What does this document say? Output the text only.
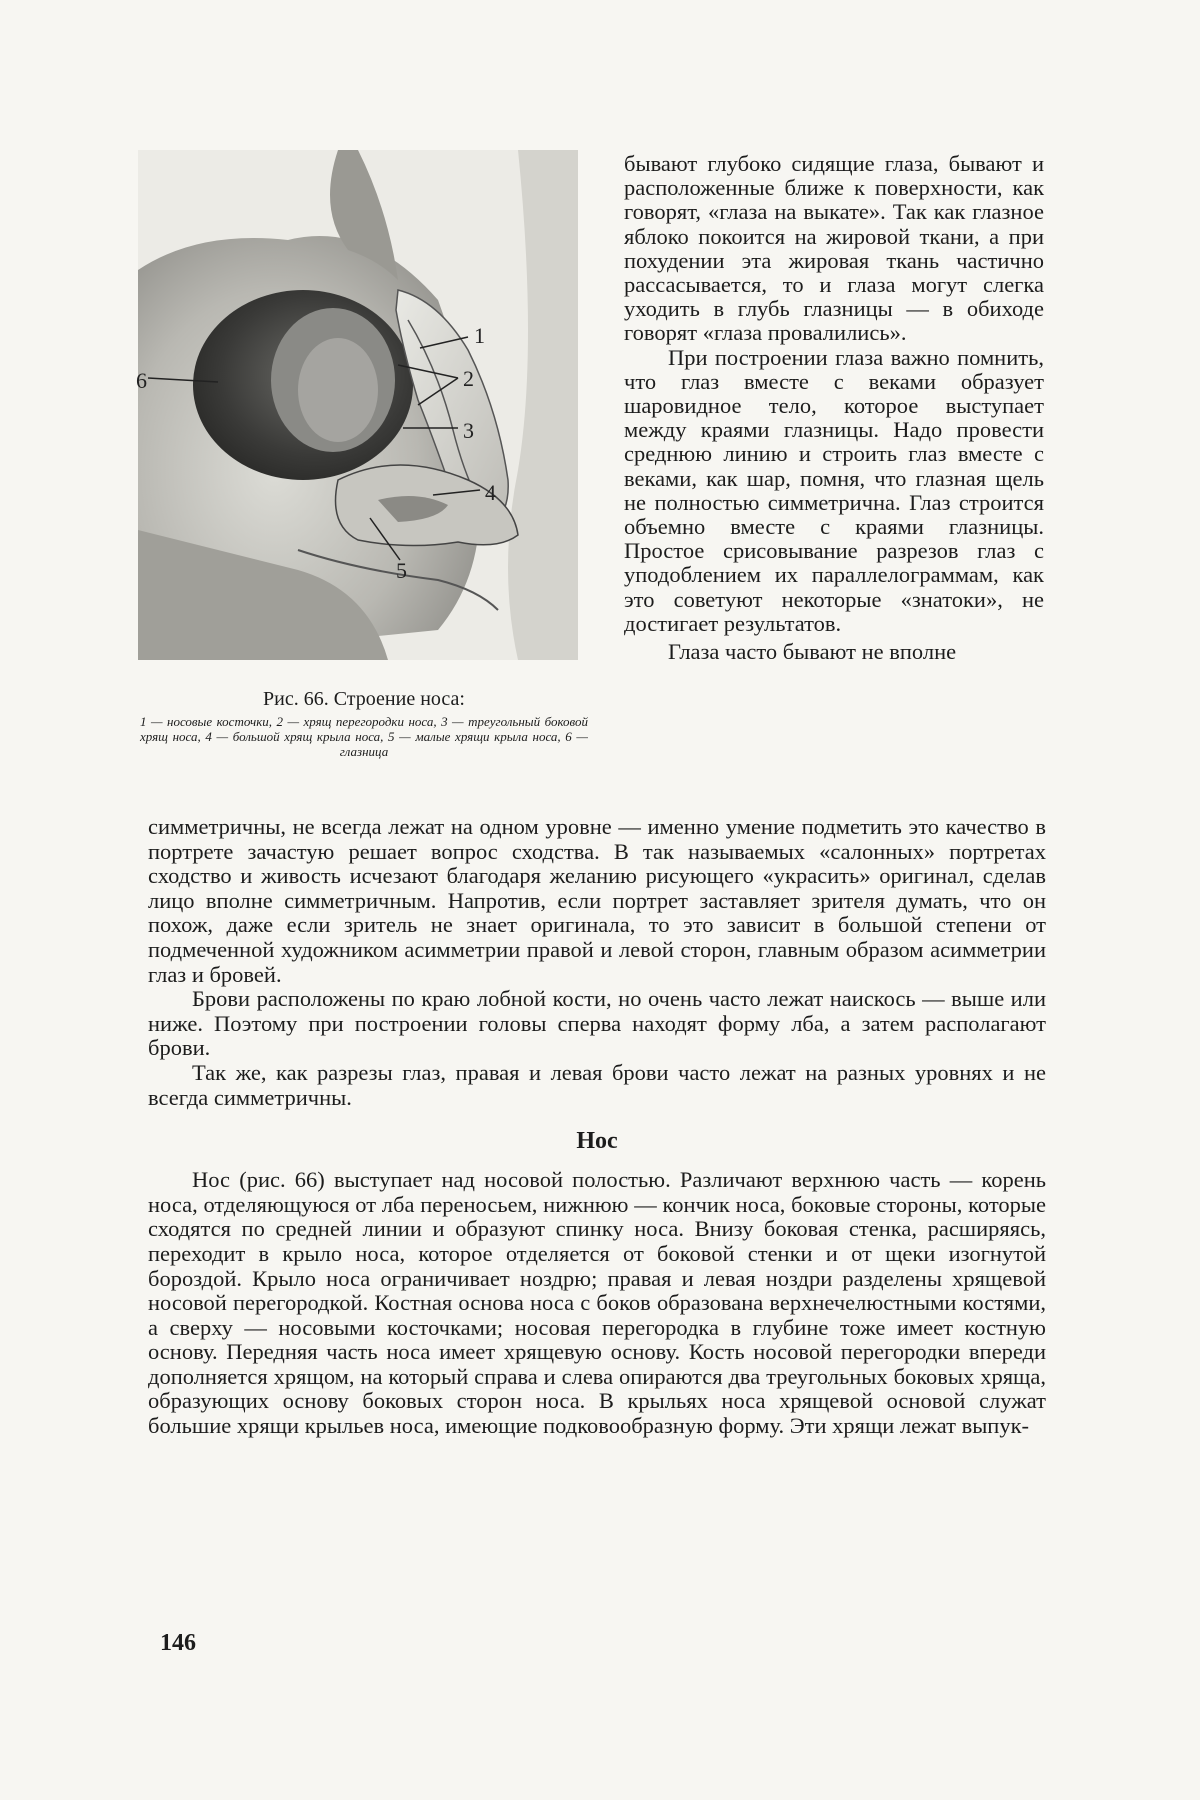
1
2
3
4
5
6

Рис. 66. Строение носа:

1 — носовые косточки, 2 — хрящ перегородки носа, 3 — треугольный боковой хрящ носа, 4 — большой хрящ крыла носа, 5 — малые хрящи крыла носа, 6 — глазница

бывают глубоко сидящие глаза, бывают и расположенные ближе к поверхности, как говорят, «глаза на выкате». Так как глазное яблоко покоится на жировой ткани, а при похудении эта жировая ткань частично рассасывается, то и глаза могут слегка уходить в глубь глазницы — в обиходе говорят «глаза провалились».

При построении глаза важно помнить, что глаз вместе с веками образует шаровидное тело, которое выступает между краями глазницы. Надо провести среднюю линию и строить глаз вместе с веками, как шар, помня, что глазная щель не полностью симметрична. Глаз строится объемно вместе с краями глазницы. Простое срисовывание разрезов глаз с уподоблением их параллелограммам, как это советуют некоторые «знатоки», не достигает результатов.

Глаза часто бывают не вполне

симметричны, не всегда лежат на одном уровне — именно умение подметить это качество в портрете зачастую решает вопрос сходства. В так называемых «салонных» портретах сходство и живость исчезают благодаря желанию рисующего «украсить» оригинал, сделав лицо вполне симметричным. Напротив, если портрет заставляет зрителя думать, что он похож, даже если зритель не знает оригинала, то это зависит в большой степени от подмеченной художником асимметрии правой и левой сторон, главным образом асимметрии глаз и бровей.

Брови расположены по краю лобной кости, но очень часто лежат наискось — выше или ниже. Поэтому при построении головы сперва находят форму лба, а затем располагают брови.

Так же, как разрезы глаз, правая и левая брови часто лежат на разных уровнях и не всегда симметричны.

Нос

Нос (рис. 66) выступает над носовой полостью. Различают верхнюю часть — корень носа, отделяющуюся от лба переносьем, нижнюю — кончик носа, боковые стороны, которые сходятся по средней линии и образуют спинку носа. Внизу боковая стенка, расширяясь, переходит в крыло носа, которое отделяется от боковой стенки и от щеки изогнутой бороздой. Крыло носа ограничивает ноздрю; правая и левая ноздри разделены хрящевой носовой перегородкой. Костная основа носа с боков образована верхнечелюстными костями, а сверху — носовыми косточками; носовая перегородка в глубине тоже имеет костную основу. Передняя часть носа имеет хрящевую основу. Кость носовой перегородки впереди дополняется хрящом, на который справа и слева опираются два треугольных боковых хряща, образующих основу боковых сторон носа. В крыльях носа хрящевой основой служат большие хрящи крыльев носа, имеющие подковообразную форму. Эти хрящи лежат выпук-

146
